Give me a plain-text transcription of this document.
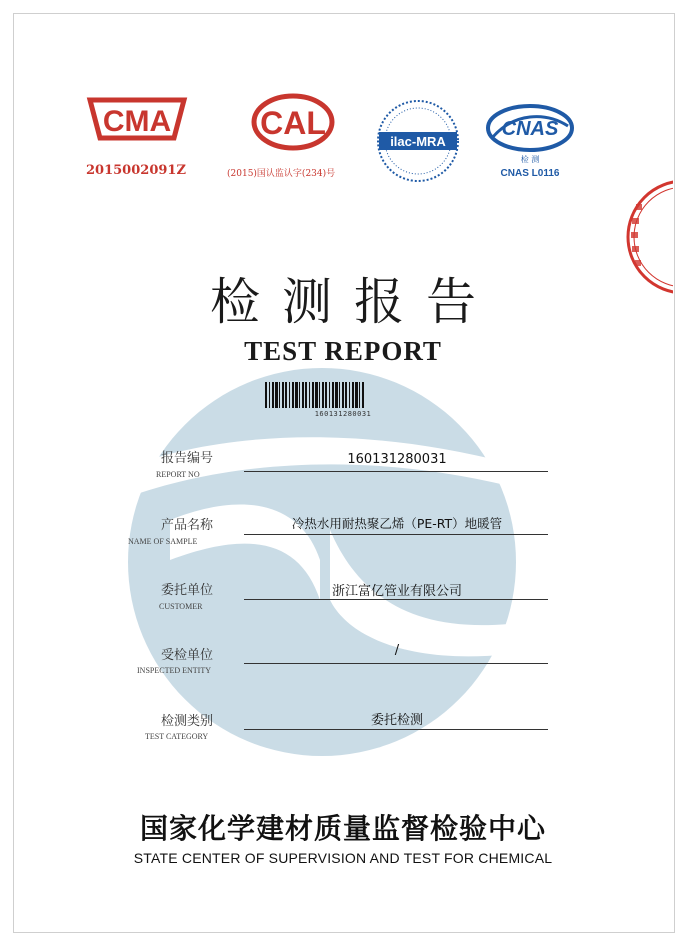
CMA
2015002091Z
CAL
(2015)国认监认字(234)号
ilac-MRA
CNAS
检 测
CNAS L0116
检测报告
TEST REPORT
160131280031
报告编号
REPORT NO
160131280031
产品名称
NAME OF SAMPLE
冷热水用耐热聚乙烯（PE-RT）地暖管
委托单位
CUSTOMER
浙江富亿管业有限公司
受检单位
INSPECTED ENTITY
/
检测类别
TEST CATEGORY
委托检测
国家化学建材质量监督检验中心
STATE CENTER OF SUPERVISION AND TEST FOR CHEMICAL
